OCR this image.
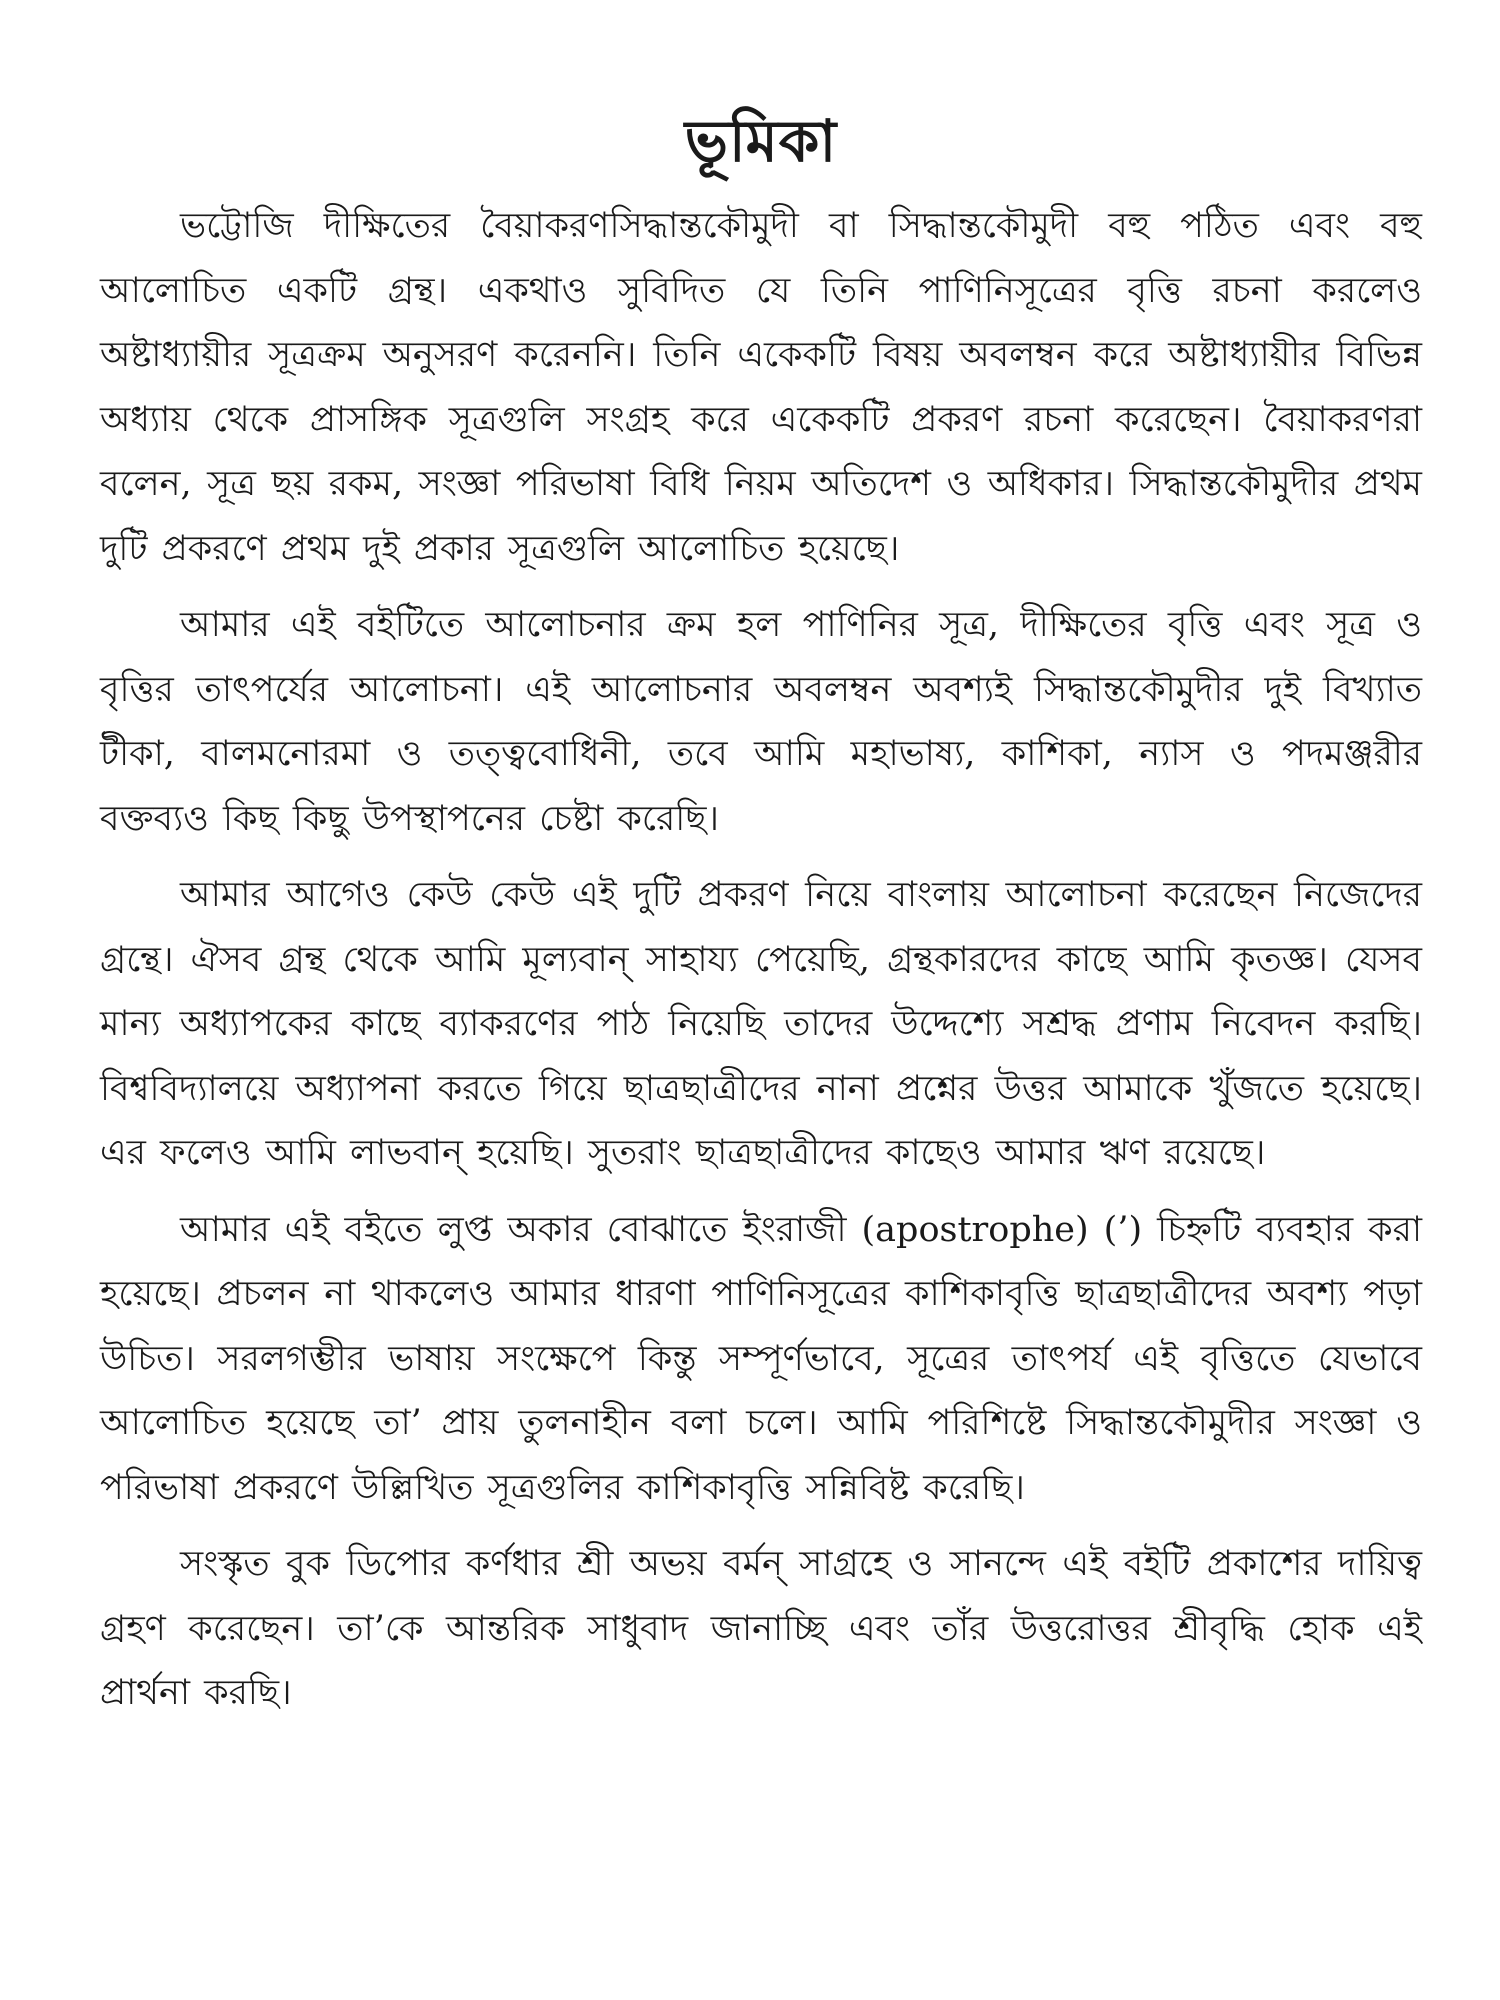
ভূমিকা

ভট্টোজি দীক্ষিতের বৈয়াকরণসিদ্ধান্তকৌমুদী বা সিদ্ধান্তকৌমুদী বহু পঠিত এবং বহু আলোচিত একটি গ্রন্থ। একথাও সুবিদিত যে তিনি পাণিনিসূত্রের বৃত্তি রচনা করলেও অষ্টাধ্যায়ীর সূত্রক্রম অনুসরণ করেননি। তিনি একেকটি বিষয় অবলম্বন করে অষ্টাধ্যায়ীর বিভিন্ন অধ্যায় থেকে প্রাসঙ্গিক সূত্রগুলি সংগ্রহ করে একেকটি প্রকরণ রচনা করেছেন। বৈয়াকরণরা বলেন, সূত্র ছয় রকম, সংজ্ঞা পরিভাষা বিধি নিয়ম অতিদেশ ও অধিকার। সিদ্ধান্তকৌমুদীর প্রথম দুটি প্রকরণে প্রথম দুই প্রকার সূত্রগুলি আলোচিত হয়েছে।

আমার এই বইটিতে আলোচনার ক্রম হল পাণিনির সূত্র, দীক্ষিতের বৃত্তি এবং সূত্র ও বৃত্তির তাৎপর্যের আলোচনা। এই আলোচনার অবলম্বন অবশ্যই সিদ্ধান্তকৌমুদীর দুই বিখ্যাত টীকা, বালমনোরমা ও তত্ত্ববোধিনী, তবে আমি মহাভাষ্য, কাশিকা, ন্যাস ও পদমঞ্জরীর বক্তব্যও কিছ কিছু উপস্থাপনের চেষ্টা করেছি।

আমার আগেও কেউ কেউ এই দুটি প্রকরণ নিয়ে বাংলায় আলোচনা করেছেন নিজেদের গ্রন্থে। ঐসব গ্রন্থ থেকে আমি মূল্যবান্ সাহায্য পেয়েছি, গ্রন্থকারদের কাছে আমি কৃতজ্ঞ। যেসব মান্য অধ্যাপকের কাছে ব্যাকরণের পাঠ নিয়েছি তাদের উদ্দেশ্যে সশ্রদ্ধ প্রণাম নিবেদন করছি। বিশ্ববিদ্যালয়ে অধ্যাপনা করতে গিয়ে ছাত্রছাত্রীদের নানা প্রশ্নের উত্তর আমাকে খুঁজতে হয়েছে। এর ফলেও আমি লাভবান্ হয়েছি। সুতরাং ছাত্রছাত্রীদের কাছেও আমার ঋণ রয়েছে।

আমার এই বইতে লুপ্ত অকার বোঝাতে ইংরাজী (apostrophe) (’) চিহ্নটি ব্যবহার করা হয়েছে। প্রচলন না থাকলেও আমার ধারণা পাণিনিসূত্রের কাশিকাবৃত্তি ছাত্রছাত্রীদের অবশ্য পড়া উচিত। সরলগম্ভীর ভাষায় সংক্ষেপে কিন্তু সম্পূর্ণভাবে, সূত্রের তাৎপর্য এই বৃত্তিতে যেভাবে আলোচিত হয়েছে তা’ প্রায় তুলনাহীন বলা চলে। আমি পরিশিষ্টে সিদ্ধান্তকৌমুদীর সংজ্ঞা ও পরিভাষা প্রকরণে উল্লিখিত সূত্রগুলির কাশিকাবৃত্তি সন্নিবিষ্ট করেছি।

সংস্কৃত বুক ডিপোর কর্ণধার শ্রী অভয় বর্মন্ সাগ্রহে ও সানন্দে এই বইটি প্রকাশের দায়িত্ব গ্রহণ করেছেন। তা’কে আন্তরিক সাধুবাদ জানাচ্ছি এবং তাঁর উত্তরোত্তর শ্রীবৃদ্ধি হোক এই প্রার্থনা করছি।
